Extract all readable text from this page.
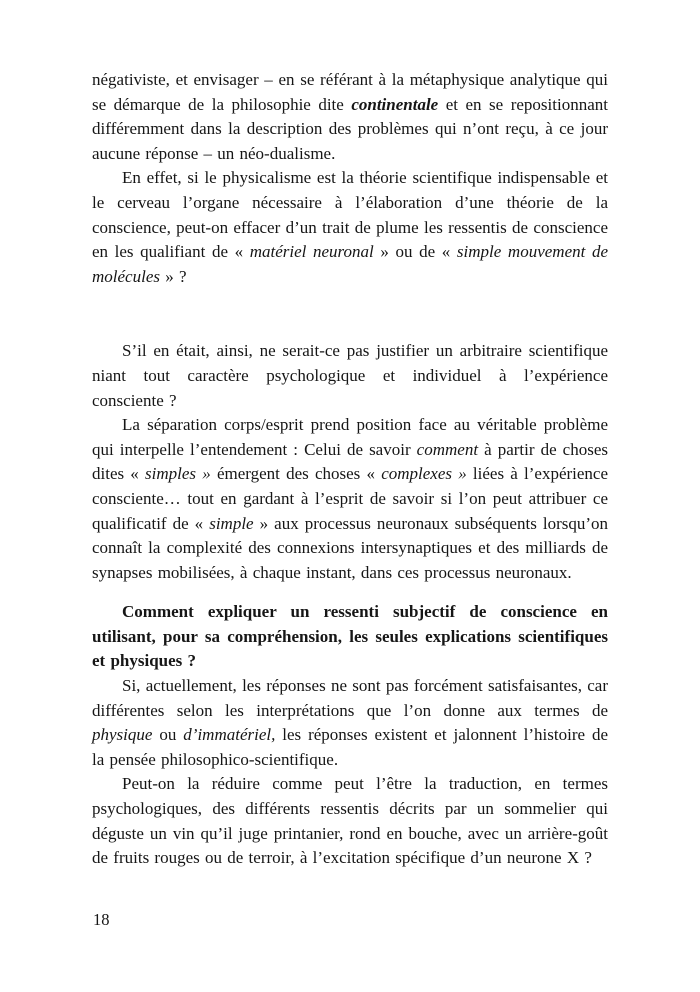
négativiste, et envisager – en se référant à la métaphysique analytique qui se démarque de la philosophie dite continentale et en se repositionnant différemment dans la description des problèmes qui n’ont reçu, à ce jour aucune réponse – un néo-dualisme.

En effet, si le physicalisme est la théorie scientifique indispensable et le cerveau l’organe nécessaire à l’élaboration d’une théorie de la conscience, peut-on effacer d’un trait de plume les ressentis de conscience en les qualifiant de « matériel neuronal » ou de « simple mouvement de molécules » ?

S’il en était, ainsi, ne serait-ce pas justifier un arbitraire scientifique niant tout caractère psychologique et individuel à l’expérience consciente ?

La séparation corps/esprit prend position face au véritable problème qui interpelle l’entendement : Celui de savoir comment à partir de choses dites « simples » émergent des choses « complexes » liées à l’expérience consciente… tout en gardant à l’esprit de savoir si l’on peut attribuer ce qualificatif de « simple » aux processus neuronaux subséquents lorsqu’on connaît la complexité des connexions intersynaptiques et des milliards de synapses mobilisées, à chaque instant, dans ces processus neuronaux.

Comment expliquer un ressenti subjectif de conscience en utilisant, pour sa compréhension, les seules explications scientifiques et physiques ?

Si, actuellement, les réponses ne sont pas forcément satisfaisantes, car différentes selon les interprétations que l’on donne aux termes de physique ou d’immatériel, les réponses existent et jalonnent l’histoire de la pensée philosophico-scientifique.

Peut-on la réduire comme peut l’être la traduction, en termes psychologiques, des différents ressentis décrits par un sommelier qui déguste un vin qu’il juge printanier, rond en bouche, avec un arrière-goût de fruits rouges ou de terroir, à l’excitation spécifique d’un neurone X ?

18
